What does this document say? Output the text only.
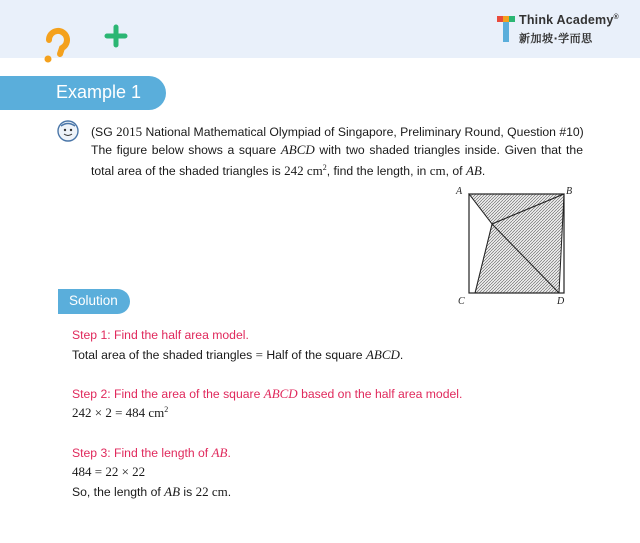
Think Academy®
新加坡·学而思
Example 1
(SG 2015 National Mathematical Olympiad of Singapore, Preliminary Round, Question #10)
The figure below shows a square ABCD with two shaded triangles inside. Given that the total area of the shaded triangles is 242 $cm^2$, find the length, in cm, of AB.
A	B
C	D
Solution
Step 1: Find the half area model.
Total area of the shaded triangles = Half of the square ABCD.
Step 2: Find the area of the square ABCD based on the half area model.
242 × 2 = 484 $cm^2$
Step 3: Find the length of AB.
484 = 22 × 22
So, the length of AB is 22 cm.
